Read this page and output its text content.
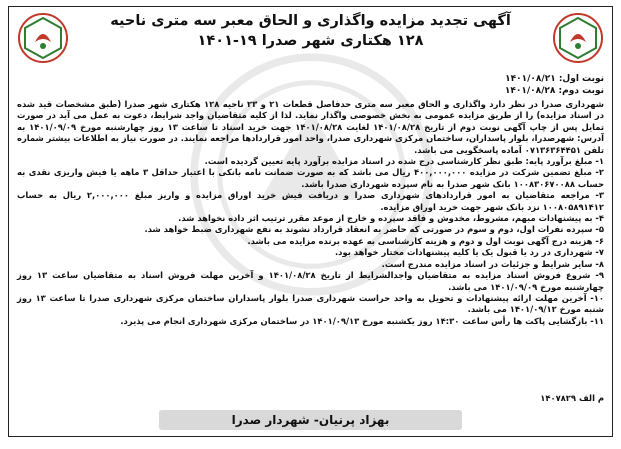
آگهی تجدید مزایده واگذاری و الحاق معبر سه متری ناحیه
۱۲۸ هکتاری شهر صدرا ۱۹-۱۴۰۱
نوبت اول: ۱۴۰۱/۰۸/۲۱
نوبت دوم: ۱۴۰۱/۰۸/۲۸

شهرداری صدرا در نظر دارد واگذاری و الحاق معبر سه متری حدفاصل قطعات ۲۱ و ۲۳ ناحیه ۱۲۸ هکتاری شهر صدرا (طبق مشخصات قید شده در اسناد مزایده) را از طریق مزایده عمومی به بخش خصوصی واگذار نماید. لذا از کلیه متقاضیان واجد شرایط، دعوت به عمل می آید در صورت تمایل پس از چاپ آگهی نوبت دوم از تاریخ ۱۴۰۱/۰۸/۲۸ لغایت ۱۴۰۱/۰۸/۲۸ جهت خرید اسناد تا ساعت ۱۳ روز چهارشنبه مورخ ۱۴۰۱/۰۹/۰۹ به آدرس: شهرصدرا، بلوار پاسداران، ساختمان مرکزی شهرداری صدرا، واحد امور قراردادها مراجعه نمایند. در صورت نیاز به اطلاعات بیشتر شماره تلفن ۰۷۱۳۶۳۶۴۴۵۱ آماده پاسخگویی می باشد.

۱- مبلغ برآورد پایه: طبق نظر کارشناسی درج شده در اسناد مزایده برآورد پایه تعیین گردیده است.

۲- مبلغ تضمین شرکت در مزایده ۴۰۰,۰۰۰,۰۰۰ ریال می باشد که به صورت ضمانت نامه بانکی با اعتبار حداقل ۳ ماهه یا فیش واریزی نقدی به حساب ۱۰۰۸۳۰۶۷۰۰۸۸ بانک شهر صدرا به نام سپرده شهرداری صدرا باشد.

۳- مراجعه متقاضیان به امور قراردادهای شهرداری صدرا و دریافت فیش خرید اوراق مزایده و واریز مبلغ ۲,۰۰۰,۰۰۰ ریال به حساب ۱۰۰۸۰۵۸۹۱۴۱۲ نزد بانک شهر جهت خرید اوراق مزایده.

۴- به پیشنهادات مبهم، مشروط، مخدوش و فاقد سپرده و خارج از موعد مقرر ترتیب اثر داده نخواهد شد.

۵- سپرده نفرات اول، دوم و سوم در صورتی که حاضر به انعقاد قرارداد نشوند به نفع شهرداری ضبط خواهد شد.

۶- هزینه درج آگهی نوبت اول و دوم و هزینه کارشناسی به عهده برنده مزایده می باشد.

۷- شهرداری در رد یا قبول یک یا کلیه پیشنهادات مختار خواهد بود.

۸- سایر شرایط و جزئیات در اسناد مزایده مندرج است.

۹- شروع فروش اسناد مزایده به متقاضیان واجدالشرایط از تاریخ ۱۴۰۱/۰۸/۲۸ و آخرین مهلت فروش اسناد به متقاضیان ساعت ۱۳ روز چهارشنبه مورخ ۱۴۰۱/۰۹/۰۹ می باشد.

۱۰- آخرین مهلت ارائه پیشنهادات و تحویل به واحد حراست شهرداری صدرا بلوار پاسداران ساختمان مرکزی شهرداری صدرا تا ساعت ۱۳ روز شنبه مورخ ۱۴۰۱/۰۹/۱۲ می باشد.

۱۱- بازگشایی پاکت ها رأس ساعت ۱۴:۳۰ روز یکشنبه مورخ ۱۴۰۱/۰۹/۱۳ در ساختمان مرکزی شهرداری انجام می پذیرد.

م الف ۱۴۰۷۸۲۹
بهزاد پرنیان- شهردار صدرا
